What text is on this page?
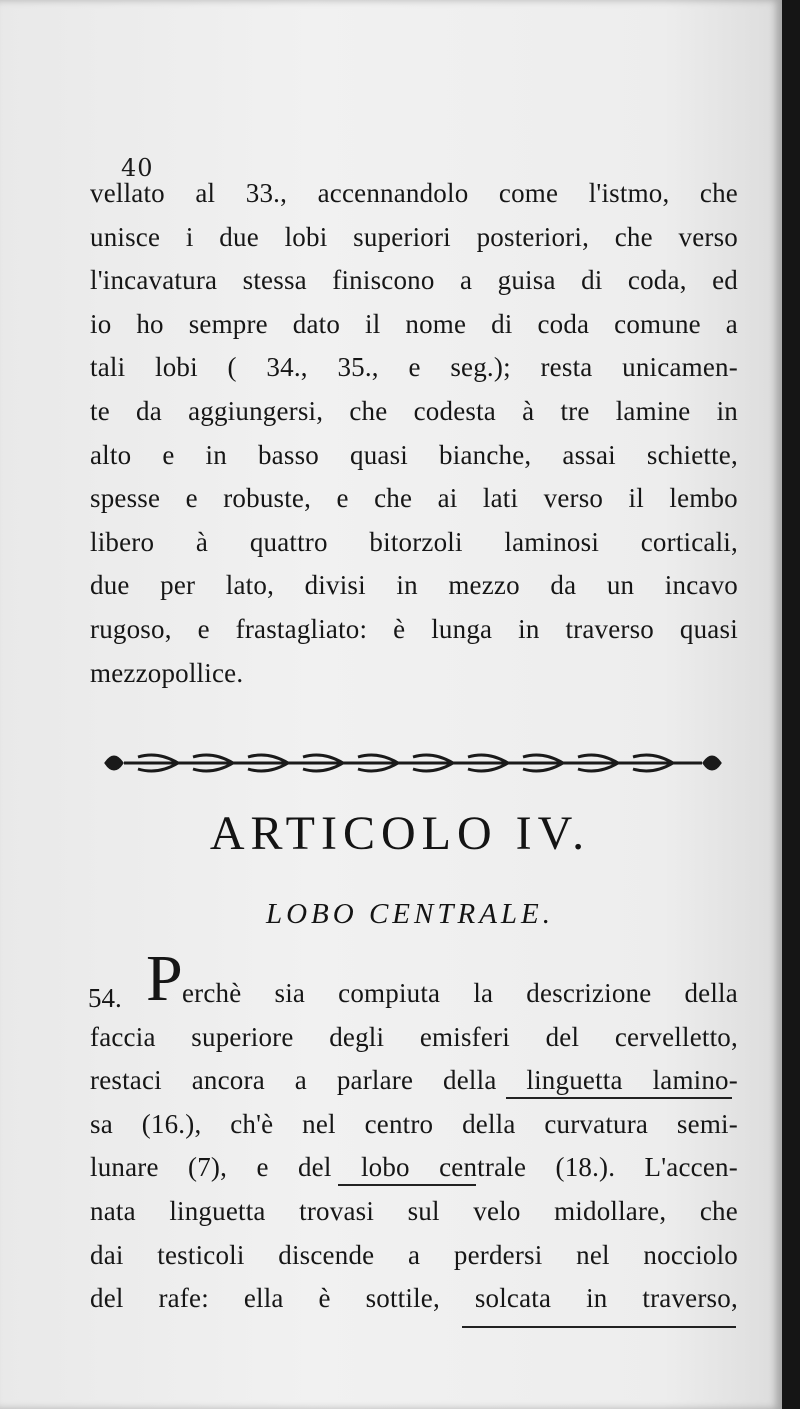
40
vellato al 33., accennandolo come l'istmo, che
unisce i due lobi superiori posteriori, che verso
l'incavatura stessa finiscono a guisa di coda, ed
io ho sempre dato il nome di coda comune a
tali lobi ( 34., 35., e seg.); resta unicamen-
te da aggiungersi, che codesta à tre lamine in
alto e in basso quasi bianche, assai schiette,
spesse e robuste, e che ai lati verso il lembo
libero à quattro bitorzoli laminosi corticali,
due per lato, divisi in mezzo da un incavo
rugoso, e frastagliato: è lunga in traverso quasi
mezzo pollice.
ARTICOLO IV.
LOBO CENTRALE.
54. P erchè sia compiuta la descrizione della
faccia superiore degli emisferi del cervelletto,
restaci ancora a parlare della linguetta lamino-
sa (16.), ch'è nel centro della curvatura semi-
lunare (7), e del lobo centrale (18.). L'accen-
nata linguetta trovasi sul velo midollare, che
dai testicoli discende a perdersi nel nocciolo
del rafe: ella è sottile, solcata in traverso,
